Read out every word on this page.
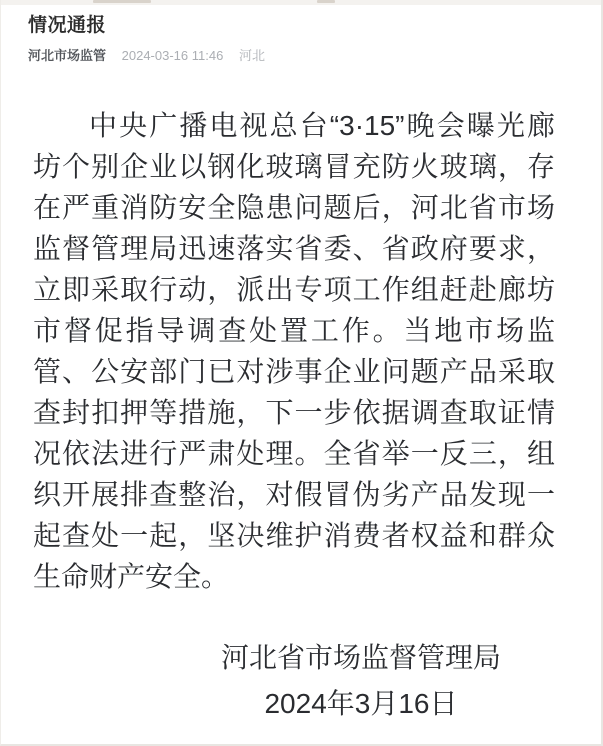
情况通报
河北市场监管 2024-03-16 11:46 河北

中央广播电视总台“3·15”晚会曝光廊坊个别企业以钢化玻璃冒充防火玻璃，存在严重消防安全隐患问题后，河北省市场监督管理局迅速落实省委、省政府要求，立即采取行动，派出专项工作组赶赴廊坊市督促指导调查处置工作。当地市场监管、公安部门已对涉事企业问题产品采取查封扣押等措施，下一步依据调查取证情况依法进行严肃处理。全省举一反三，组织开展排查整治，对假冒伪劣产品发现一起查处一起，坚决维护消费者权益和群众生命财产安全。

河北省市场监督管理局
2024年3月16日
